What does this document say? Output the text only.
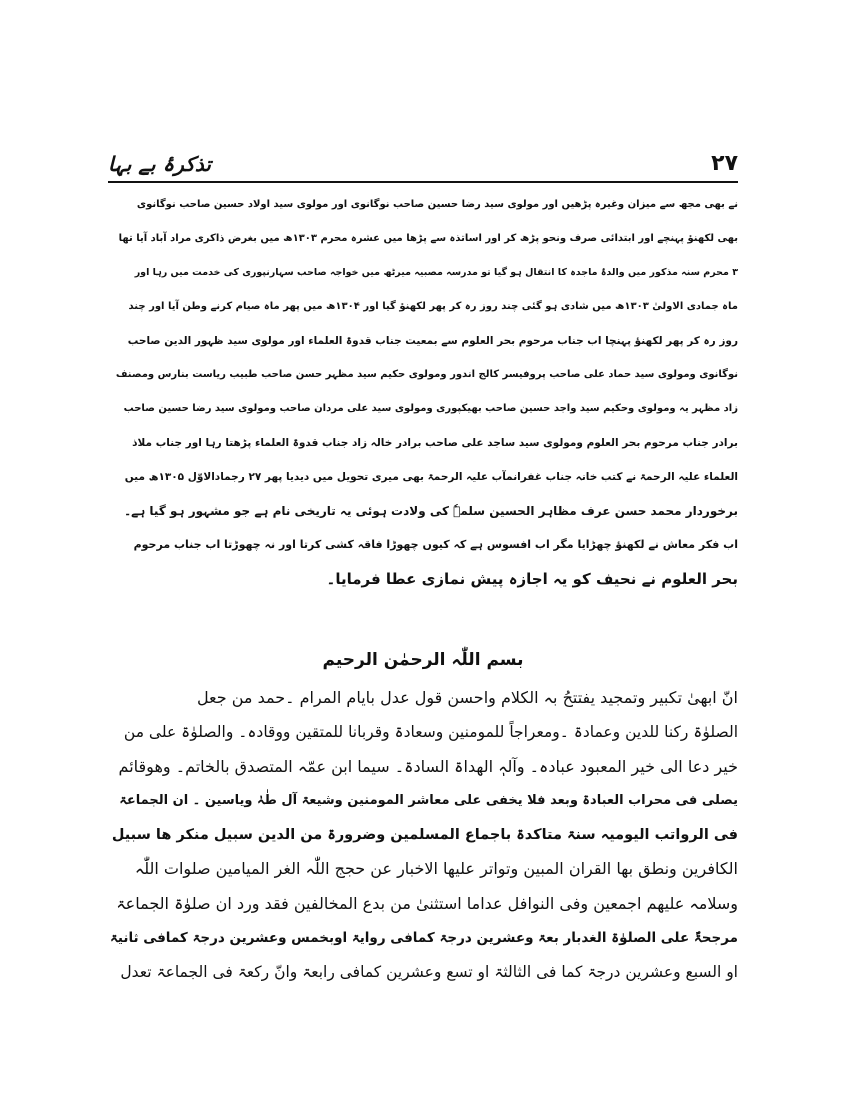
۲۷
تذکرۂ بے بہا
نے بھی مجھ سے میزان وغیرہ پڑھیں اور مولوی سید رضا حسین صاحب نوگانوی اور مولوی سید اولاد حسین صاحب نوگانوی
بھی لکھنؤ پہنچے اور ابتدائی صرف ونحو پڑھ کر اور اساتذہ سے پڑھا میں عشرہ محرم ۱۳۰۳ھ میں بغرض ذاکری مراد آباد آیا تھا
۳ محرم سنہ مذکور میں والدۂ ماجدہ کا انتقال ہو گیا تو مدرسہ مصبیہ میرٹھ میں خواجہ صاحب سہارنپوری کی خدمت میں رہا اور
ماہ جمادی الاولیٰ ۱۳۰۳ھ میں شادی ہو گئی چند روز رہ کر پھر لکھنؤ گیا اور ۱۳۰۴ھ میں پھر ماہ صیام کرنے وطن آیا اور چند
روز رہ کر پھر لکھنؤ پہنچا اب جناب مرحوم بحر العلوم سے بمعیت جناب قدوۃ العلماء اور مولوی سید ظہور الدین صاحب
نوگانوی ومولوی سید حماد علی صاحب پروفیسر کالج اندور ومولوی حکیم سید مظہر حسن صاحب طبیب ریاست بنارس ومصنف
زاد مظہر یہ ومولوی وحکیم سید واجد حسین صاحب بھیکپوری ومولوی سید علی مردان صاحب ومولوی سید رضا حسین صاحب
برادر جناب مرحوم بحر العلوم ومولوی سید ساجد علی صاحب برادر خالہ زاد جناب قدوۃ العلماء پڑھتا رہا اور جناب ملاذ
العلماء علیہ الرحمۃ نے کتب خانہ جناب غفرانمآب علیہ الرحمۃ بھی میری تحویل میں دیدیا پھر ۲۷ رجمادالاوّل ۱۳۰۵ھ میں
برخوردار محمد حسن عرف مظاہر الحسین سلمہٗ کی ولادت ہوئی یہ تاریخی نام ہے جو مشہور ہو گیا ہے۔
اب فکر معاش نے لکھنؤ چھڑایا مگر اب افسوس ہے کہ کیوں چھوڑا فاقہ کشی کرتا اور نہ چھوڑتا اب جناب مرحوم
بحر العلوم نے نحیف کو یہ اجازہ پیش نمازی عطا فرمایا۔
بسم اللّٰہ الرحمٰن الرحیم
انّ ابھیٰ تکبیر وتمجید یفتتحُ بہ الکلام واحسن قول عدل بایام المرام ۔حمد من جعل
الصلوٰۃ رکنا للدین وعمادۃ ۔ومعراجاً للمومنین وسعادۃ وقربانا للمتقین ووقادہ۔ والصلوٰۃ علی من
خیر دعا الی خیر المعبود عبادہ۔ وآلہٖ الھداۃ السادۃ۔ سیما ابن عمّہ المتصدق بالخاتم۔ وھوقائم
یصلی فی محراب العبادۃ وبعد فلا یخفی علی معاشر المومنین وشیعۃ آل طٰہٰ ویاسین ۔ ان الجماعۃ
فی الرواتب الیومیہ سنۃ متاکدۃ باجماع المسلمین وضرورۃ من الدین سبیل منکر ھا سبیل
الکافرین ونطق بھا القران المبین وتواتر علیھا الاخبار عن حجج اللّٰہ الغر المیامین صلوات اللّٰہ
وسلامہ علیھم اجمعین وفی النوافل عداما استثنیٰ من بدع المخالفین فقد ورد ان صلوٰۃ الجماعۃ
مرجحۃٌ علی الصلوٰۃ الغدبار بعۃ وعشرین درجۃ کمافی روایۃ اوبخمس وعشرین درجۃ کمافی ثانیۃ
او السبع وعشرین درجۃ کما فی الثالثۃ او تسع وعشرین کمافی رابعۃ وانّ رکعۃ فی الجماعۃ تعدل
